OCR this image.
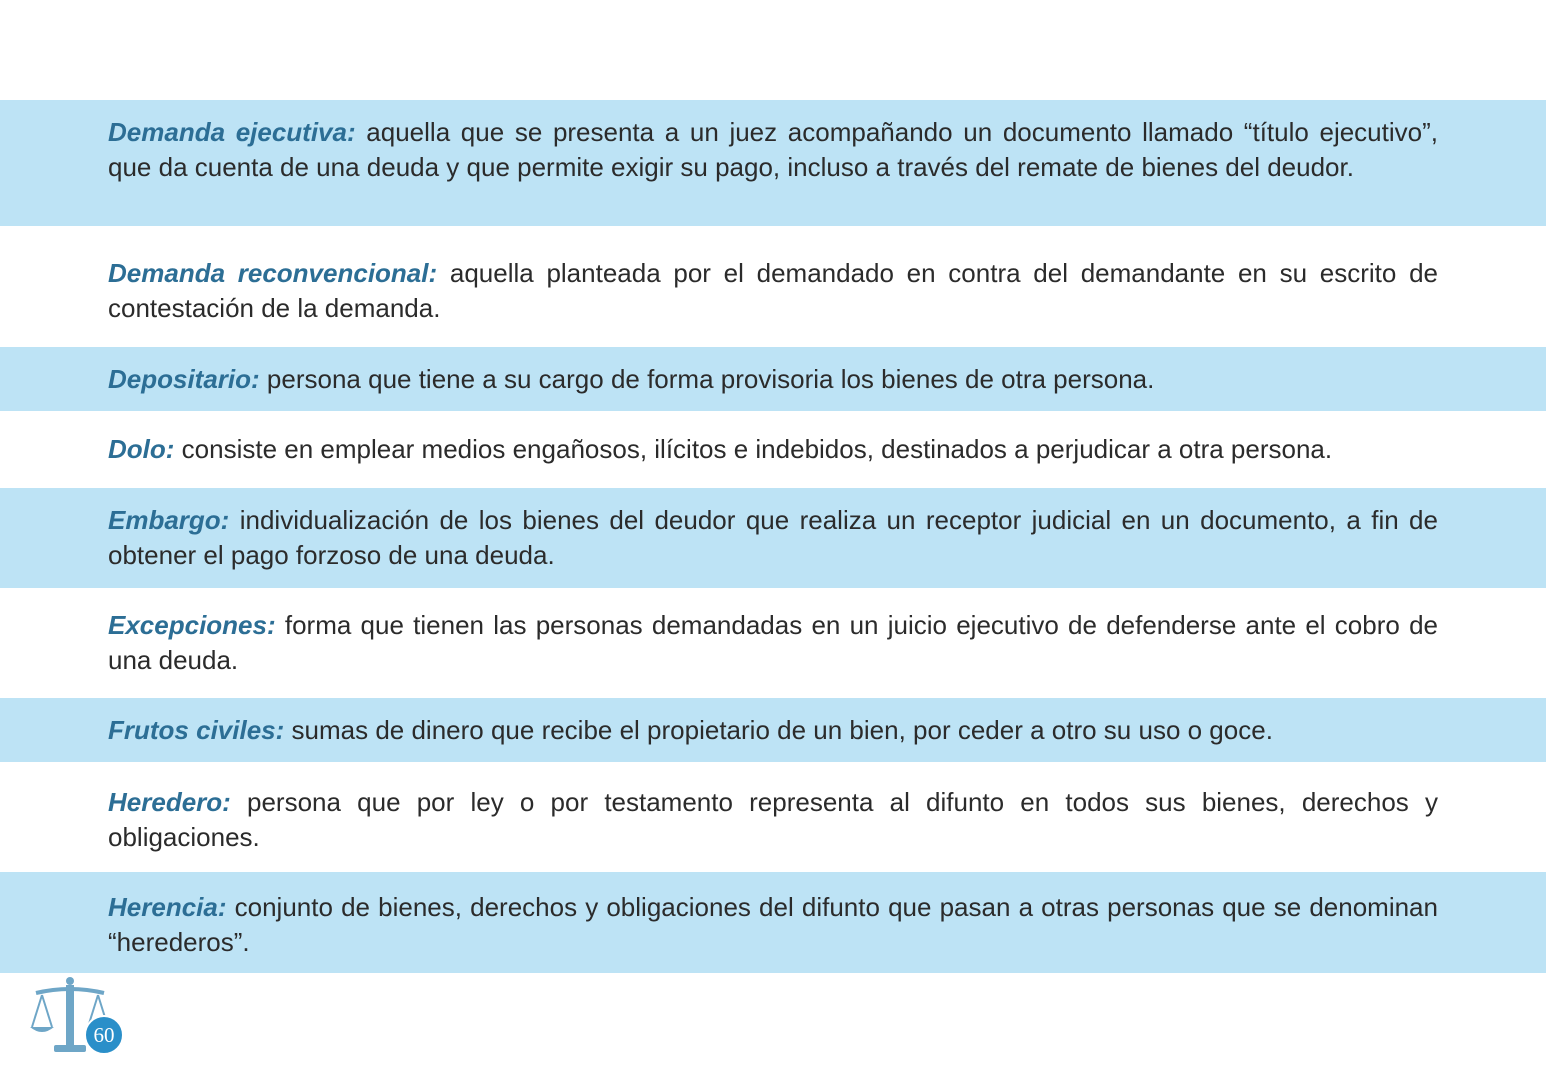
Demanda ejecutiva: aquella que se presenta a un juez acompañando un documento llamado “título ejecutivo”, que da cuenta de una deuda y que permite exigir su pago, incluso a través del remate de bienes del deudor.

Demanda reconvencional: aquella planteada por el demandado en contra del demandante en su escrito de contestación de la demanda.

Depositario: persona que tiene a su cargo de forma provisoria los bienes de otra persona.

Dolo: consiste en emplear medios engañosos, ilícitos e indebidos, destinados a perjudicar a otra persona.

Embargo: individualización de los bienes del deudor que realiza un receptor judicial en un documento, a fin de obtener el pago forzoso de una deuda.

Excepciones: forma que tienen las personas demandadas en un juicio ejecutivo de defenderse ante el cobro de una deuda.

Frutos civiles: sumas de dinero que recibe el propietario de un bien, por ceder a otro su uso o goce.

Heredero: persona que por ley o por testamento representa al difunto en todos sus bienes, derechos y obligaciones.

Herencia: conjunto de bienes, derechos y obligaciones del difunto que pasan a otras personas que se denominan “herederos”.

60
